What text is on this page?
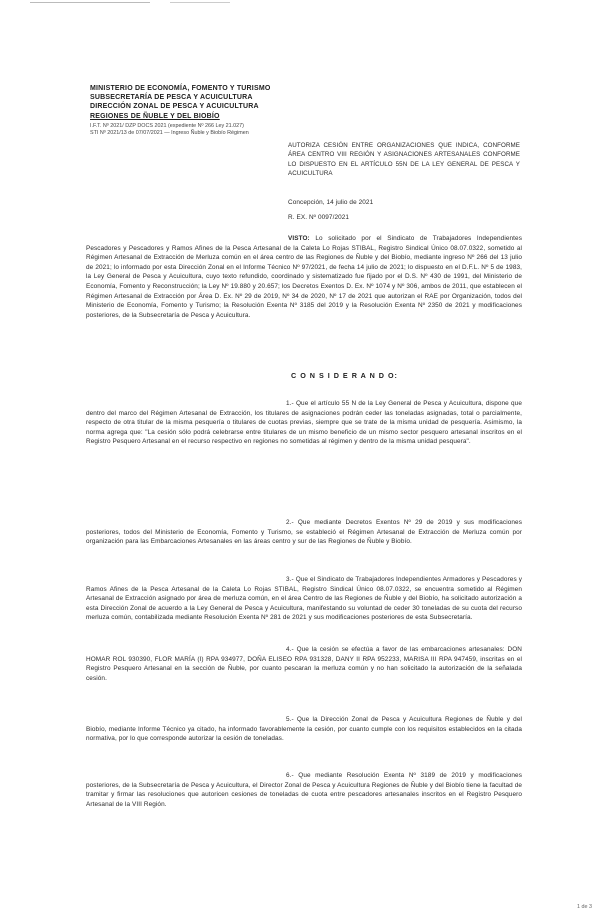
MINISTERIO DE ECONOMÍA, FOMENTO Y TURISMO

SUBSECRETARÍA DE PESCA Y ACUICULTURA

DIRECCIÓN ZONAL DE PESCA Y ACUICULTURA

REGIONES DE ÑUBLE Y DEL BIOBÍO

I.F.T. Nº 2021/ DZP DOCS 2021 (expediente Nº 266 Ley 21.027)

STI Nº 2021/13 de 07/07/2021 — Ingreso Ñuble y Biobío Régimen

AUTORIZA CESIÓN ENTRE ORGANIZACIONES QUE INDICA, CONFORME ÁREA CENTRO VIII REGIÓN Y ASIGNACIONES ARTESANALES CONFORME LO DISPUESTO EN EL ARTÍCULO 55N DE LA LEY GENERAL DE PESCA Y ACUICULTURA
Concepción, 14 julio de 2021
R. EX. Nº 0097/2021
VISTO: Lo solicitado por el Sindicato de Trabajadores Independientes Pescadores y Pescadores y Ramos Afines de la Pesca Artesanal de la Caleta Lo Rojas STIBAL, Registro Sindical Único 08.07.0322, sometido al Régimen Artesanal de Extracción de Merluza común en el área centro de las Regiones de Ñuble y del Biobío, mediante ingreso Nº 266 del 13 julio de 2021; lo informado por esta Dirección Zonal en el Informe Técnico Nº 97/2021, de fecha 14 julio de 2021; lo dispuesto en el D.F.L. Nº 5 de 1983, la Ley General de Pesca y Acuicultura, cuyo texto refundido, coordinado y sistematizado fue fijado por el D.S. Nº 430 de 1991, del Ministerio de Economía, Fomento y Reconstrucción; la Ley Nº 19.880 y 20.657; los Decretos Exentos D. Ex. Nº 1074 y Nº 306, ambos de 2011, que establecen el Régimen Artesanal de Extracción por Área D. Ex. Nº 29 de 2019, Nº 34 de 2020, Nº 17 de 2021 que autorizan el RAE por Organización, todos del Ministerio de Economía, Fomento y Turismo; la Resolución Exenta Nº 3185 del 2019 y la Resolución Exenta Nº 2350 de 2021 y modificaciones posteriores, de la Subsecretaría de Pesca y Acuicultura.
C O N S I D E R A N D O:
1.- Que el artículo 55 N de la Ley General de Pesca y Acuicultura, dispone que dentro del marco del Régimen Artesanal de Extracción, los titulares de asignaciones podrán ceder las toneladas asignadas, total o parcialmente, respecto de otra titular de la misma pesquería o titulares de cuotas previas, siempre que se trate de la misma unidad de pesquería. Asimismo, la norma agrega que: "La cesión sólo podrá celebrarse entre titulares de un mismo beneficio de un mismo sector pesquero artesanal inscritos en el Registro Pesquero Artesanal en el recurso respectivo en regiones no sometidas al régimen y dentro de la misma unidad pesquera".
2.- Que mediante Decretos Exentos Nº 29 de 2019 y sus modificaciones posteriores, todos del Ministerio de Economía, Fomento y Turismo, se estableció el Régimen Artesanal de Extracción de Merluza común por organización para las Embarcaciones Artesanales en las áreas centro y sur de las Regiones de Ñuble y Biobío.
3.- Que el Sindicato de Trabajadores Independientes Armadores y Pescadores y Ramos Afines de la Pesca Artesanal de la Caleta Lo Rojas STIBAL, Registro Sindical Único 08.07.0322, se encuentra sometido al Régimen Artesanal de Extracción asignado por área de merluza común, en el área Centro de las Regiones de Ñuble y del Biobío, ha solicitado autorización a esta Dirección Zonal de acuerdo a la Ley General de Pesca y Acuicultura, manifestando su voluntad de ceder 30 toneladas de su cuota del recurso merluza común, contabilizada mediante Resolución Exenta Nº 281 de 2021 y sus modificaciones posteriores de esta Subsecretaría.
4.- Que la cesión se efectúa a favor de las embarcaciones artesanales: DON HOMAR ROL 930390, FLOR MARÍA (I) RPA 934977, DOÑA ELISEO RPA 931328, DANY II RPA 952233, MARISA III RPA 947459, inscritas en el Registro Pesquero Artesanal en la sección de Ñuble, por cuanto pescaran la merluza común y no han solicitado la autorización de la señalada cesión.
5.- Que la Dirección Zonal de Pesca y Acuicultura Regiones de Ñuble y del Biobío, mediante Informe Técnico ya citado, ha informado favorablemente la cesión, por cuanto cumple con los requisitos establecidos en la citada normativa, por lo que corresponde autorizar la cesión de toneladas.
6.- Que mediante Resolución Exenta Nº 3189 de 2019 y modificaciones posteriores, de la Subsecretaría de Pesca y Acuicultura, el Director Zonal de Pesca y Acuicultura Regiones de Ñuble y del Biobío tiene la facultad de tramitar y firmar las resoluciones que autoricen cesiones de toneladas de cuota entre pescadores artesanales inscritos en el Registro Pesquero Artesanal de la VIII Región.
1 de 3
